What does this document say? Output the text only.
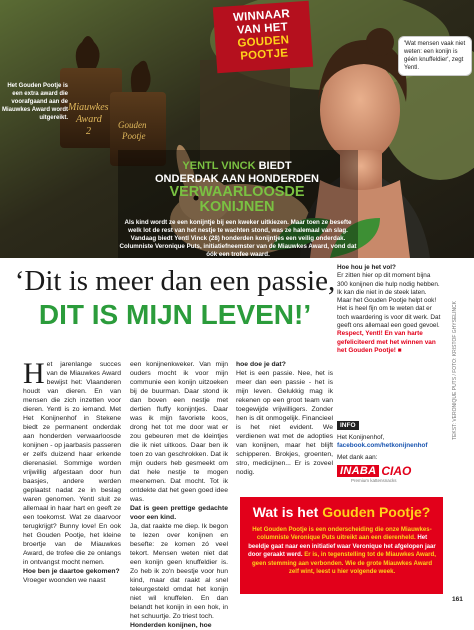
Miauwkes Award 2
Gouden Pootje
WINNAAR
VAN HET
GOUDEN
POOTJE
Het Gouden Pootje is een extra award die voorafgaand aan de Miauwkes Award wordt uitgereikt.
'Wat mensen vaak niet weten: een konijn is géén knuffeldier', zegt Yentl.
YENTL VINCK BIEDT
ONDERDAK AAN HONDERDEN
VERWAARLOOSDE
KONIJNEN
Als kind wordt ze een konijntje bij een kweker uitkiezen. Maar toen ze besefte welk lot de rest van het nestje te wachten stond, was ze halemaal van slag. Vandaag biedt Yentl Vinck (28) honderden konijntjes een veilig onderdak. Columniste Veronique Puts, initiatiefneemster van de Miauwkes Award, vond dat óók een trofee waard.
‘Dit is meer dan een passie,
DIT IS MIJN LEVEN!’
Hoe hou je het vol?
Er zitten hier op dit moment bijna 300 konijnen die hulp nodig hebben. Ik kan die niet in de steek laten. Maar het Gouden Pootje helpt ook! Het is heel fijn om te weten dat er toch waardering is voor dit werk. Dat geeft ons allemaal een goed gevoel. Respect, Yentl! En van harte gefeliciteerd met het winnen van het Gouden Pootje! ■
INFO
Het Konijnenhof,
facebook.com/hetkonijnenhof
Met dank aan:
INABA CIAO
Premium kattensnacks
TEKST: VERONIQUE PUTS / FOTO: KRISTOF GHYSELINCK
H et jarenlange succes van de Miauwkes Award bewijst het: Vlaanderen houdt van dieren. En van mensen die zich inzetten voor dieren. Yentl is zo iemand. Met Het Konijnenhof in Stekene biedt ze permanent onderdak aan honderden verwaarloosde konijnen - op jaarbasis passeren er zelfs duizend haar erkende dierenasiel. Sommige worden vrijwillig afgestaan door hun baasjes, andere werden geplaatst nadat ze in beslag waren genomen. Yentl sluit ze allemaal in haar hart en geeft ze een toekomst. Wat ze daarvoor terugkrijgt? Bunny love! En ook het Gouden Pootje, het kleine broertje van de Miauwkes Award, de trofee die ze onlangs in ontvangst mocht nemen.
Hoe ben je daartoe gekomen?
Vroeger woonden we naast
een konijnenkweker. Van mijn ouders mocht ik voor mijn communie een konijn uitzoeken bij de buurman. Daar stond ik dan boven een nestje met dertien fluffy konijntjes. Daar was ik mijn favoriete koos, drong het tot me door wat er zou gebeuren met de kleintjes die ik niet uitkoos. Daar ben ik toen zo van geschrokken. Dat ik mijn ouders heb gesmeekt om dat hele nestje te mogen meenemen. Dat mocht. Tot ik ontdekte dat het geen goed idee was.
Dat is geen prettige gedachte voor een kind.
Ja, dat raakte me diep. Ik begon te lezen over konijnen en besefte: ze komen zó veel tekort. Mensen weten niet dat een konijn geen knuffeldier is. Zo heb ik zo'n beestje voor hun kind, maar dat raakt al snel teleurgesteld omdat het konijn niet wil knuffelen. En dan belandt het konijn in een hok, in het schuurtje. Zo triest toch.
Honderden konijnen, hoe
hoe doe je dat?
Het is een passie. Nee, het is meer dan een passie - het is mijn leven. Gelukkig mag ik rekenen op een groot team van toegewijde vrijwilligers. Zonder hen is dit onmogelijk. Financieel is het niet evident. We verdienen wat met de adopties van konijnen, maar het blijft schipperen. Brokjes, groenten, stro, medicijnen... Er is zoveel nodig.
Wat is het Gouden Pootje?
Het Gouden Pootje is een onderscheiding die onze Miauwkes-columniste Veronique Puts uitreikt aan een dierenheld. Het beeldje gaat naar een initiatief waar Veronique het afgelopen jaar door geraakt werd. Er is, in tegenstelling tot de Miauwkes Award, geen stemming aan verbonden. Wie de grote Miauwkes Award zelf wint, leest u hier volgende week.
161
